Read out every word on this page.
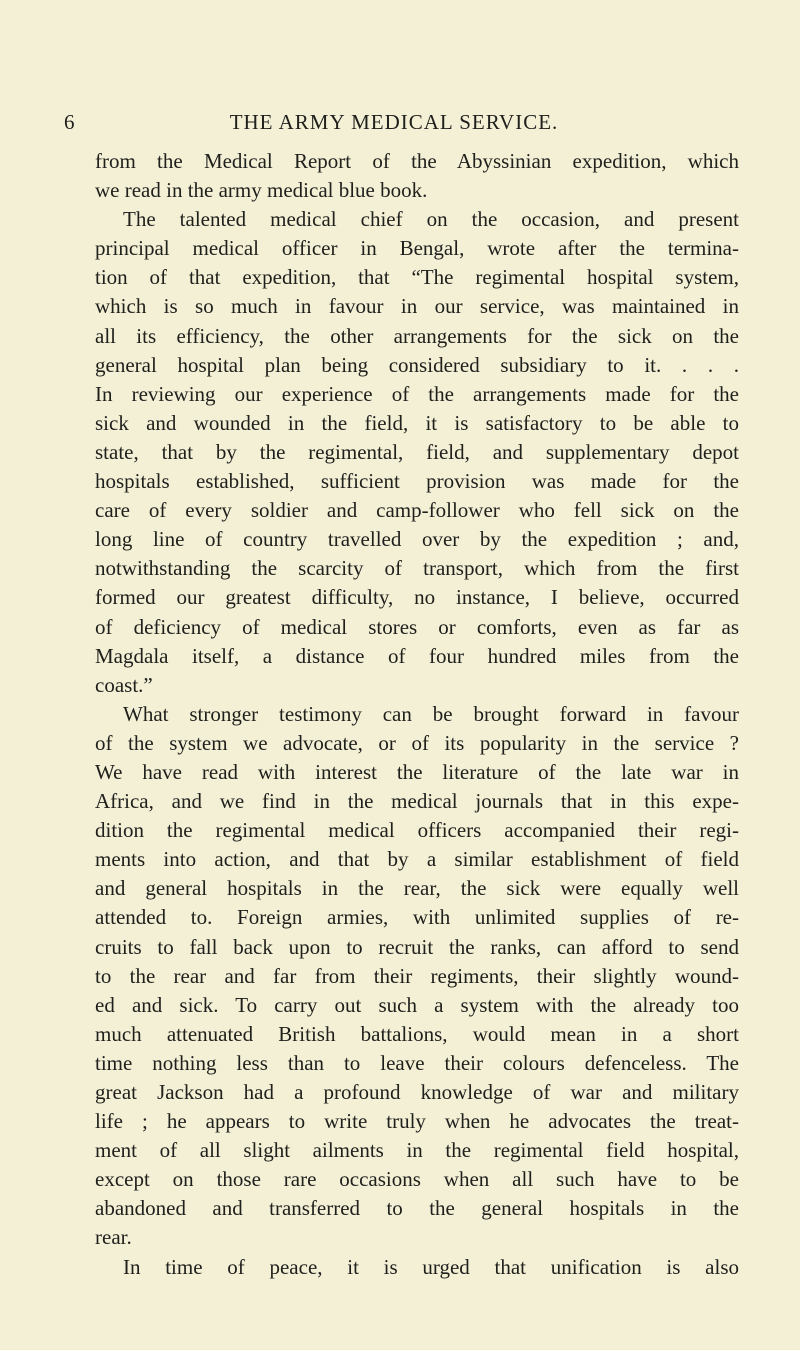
6	THE ARMY MEDICAL SERVICE.
from the Medical Report of the Abyssinian expedition, which
we read in the army medical blue book.
The talented medical chief on the occasion, and present
principal medical officer in Bengal, wrote after the termina-
tion of that expedition, that “The regimental hospital system,
which is so much in favour in our service, was maintained in
all its efficiency, the other arrangements for the sick on the
general hospital plan being considered subsidiary to it. . . .
In reviewing our experience of the arrangements made for the
sick and wounded in the field, it is satisfactory to be able to
state, that by the regimental, field, and supplementary depot
hospitals established, sufficient provision was made for the
care of every soldier and camp-follower who fell sick on the
long line of country travelled over by the expedition ; and,
notwithstanding the scarcity of transport, which from the first
formed our greatest difficulty, no instance, I believe, occurred
of deficiency of medical stores or comforts, even as far as
Magdala itself, a distance of four hundred miles from the
coast.”
What stronger testimony can be brought forward in favour
of the system we advocate, or of its popularity in the service ?
We have read with interest the literature of the late war in
Africa, and we find in the medical journals that in this expe-
dition the regimental medical officers accompanied their regi-
ments into action, and that by a similar establishment of field
and general hospitals in the rear, the sick were equally well
attended to. Foreign armies, with unlimited supplies of re-
cruits to fall back upon to recruit the ranks, can afford to send
to the rear and far from their regiments, their slightly wound-
ed and sick. To carry out such a system with the already too
much attenuated British battalions, would mean in a short
time nothing less than to leave their colours defenceless. The
great Jackson had a profound knowledge of war and military
life ; he appears to write truly when he advocates the treat-
ment of all slight ailments in the regimental field hospital,
except on those rare occasions when all such have to be
abandoned and transferred to the general hospitals in the
rear.
In time of peace, it is urged that unification is also
